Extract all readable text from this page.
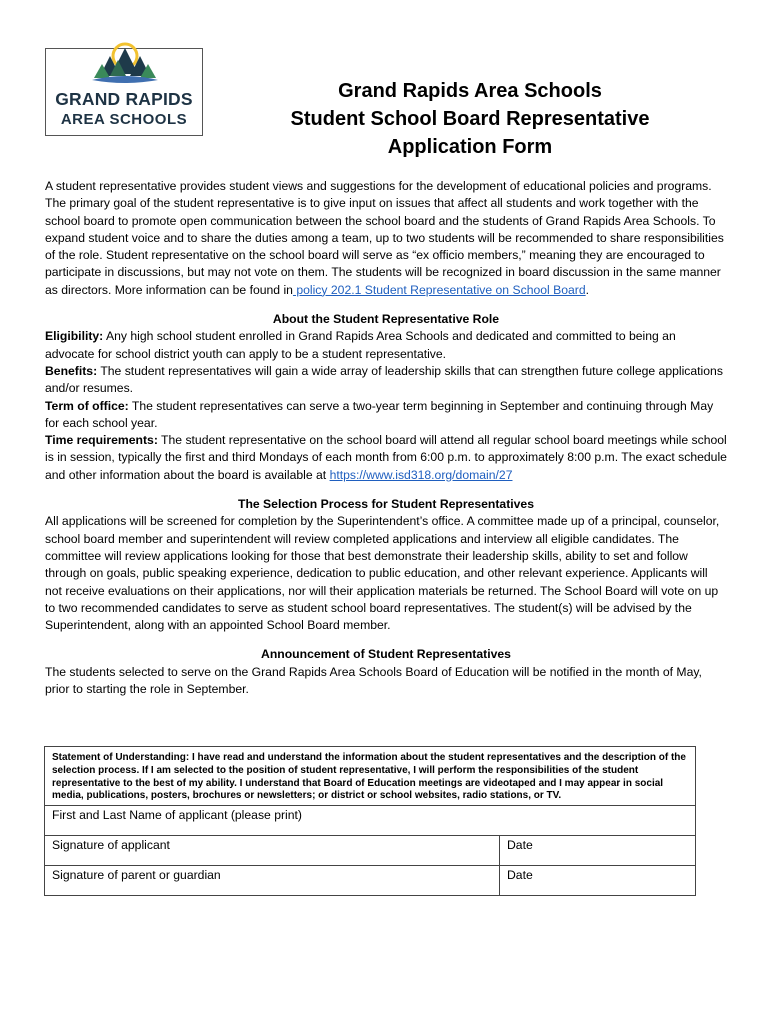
GRAND RAPIDS
AREA SCHOOLS
Grand Rapids Area Schools
Student School Board Representative
Application Form

A student representative provides student views and suggestions for the development of educational policies and programs. The primary goal of the student representative is to give input on issues that affect all students and work together with the school board to promote open communication between the school board and the students of Grand Rapids Area Schools. To expand student voice and to share the duties among a team, up to two students will be recommended to share responsibilities of the role. Student representative on the school board will serve as “ex officio members,” meaning they are encouraged to participate in discussions, but may not vote on them. The students will be recognized in board discussion in the same manner as directors. More information can be found in policy 202.1 Student Representative on School Board.

About the Student Representative Role

Eligibility: Any high school student enrolled in Grand Rapids Area Schools and dedicated and committed to being an advocate for school district youth can apply to be a student representative.

Benefits: The student representatives will gain a wide array of leadership skills that can strengthen future college applications and/or resumes.

Term of office: The student representatives can serve a two-year term beginning in September and continuing through May for each school year.

Time requirements: The student representative on the school board will attend all regular school board meetings while school is in session, typically the first and third Mondays of each month from 6:00 p.m. to approximately 8:00 p.m. The exact schedule and other information about the board is available at https://www.isd318.org/domain/27

The Selection Process for Student Representatives

All applications will be screened for completion by the Superintendent’s office. A committee made up of a principal, counselor, school board member and superintendent will review completed applications and interview all eligible candidates. The committee will review applications looking for those that best demonstrate their leadership skills, ability to set and follow through on goals, public speaking experience, dedication to public education, and other relevant experience. Applicants will not receive evaluations on their applications, nor will their application materials be returned. The School Board will vote on up to two recommended candidates to serve as student school board representatives. The student(s) will be advised by the Superintendent, along with an appointed School Board member.

Announcement of Student Representatives

The students selected to serve on the Grand Rapids Area Schools Board of Education will be notified in the month of May, prior to starting the role in September.

Statement of Understanding: I have read and understand the information about the student representatives and the description of the selection process. If I am selected to the position of student representative, I will perform the responsibilities of the student representative to the best of my ability. I understand that Board of Education meetings are videotaped and I may appear in social media, publications, posters, brochures or newsletters; or district or school websites, radio stations, or TV.	
First and Last Name of applicant (please print)	
Signature of applicant	Date
Signature of parent or guardian	Date
